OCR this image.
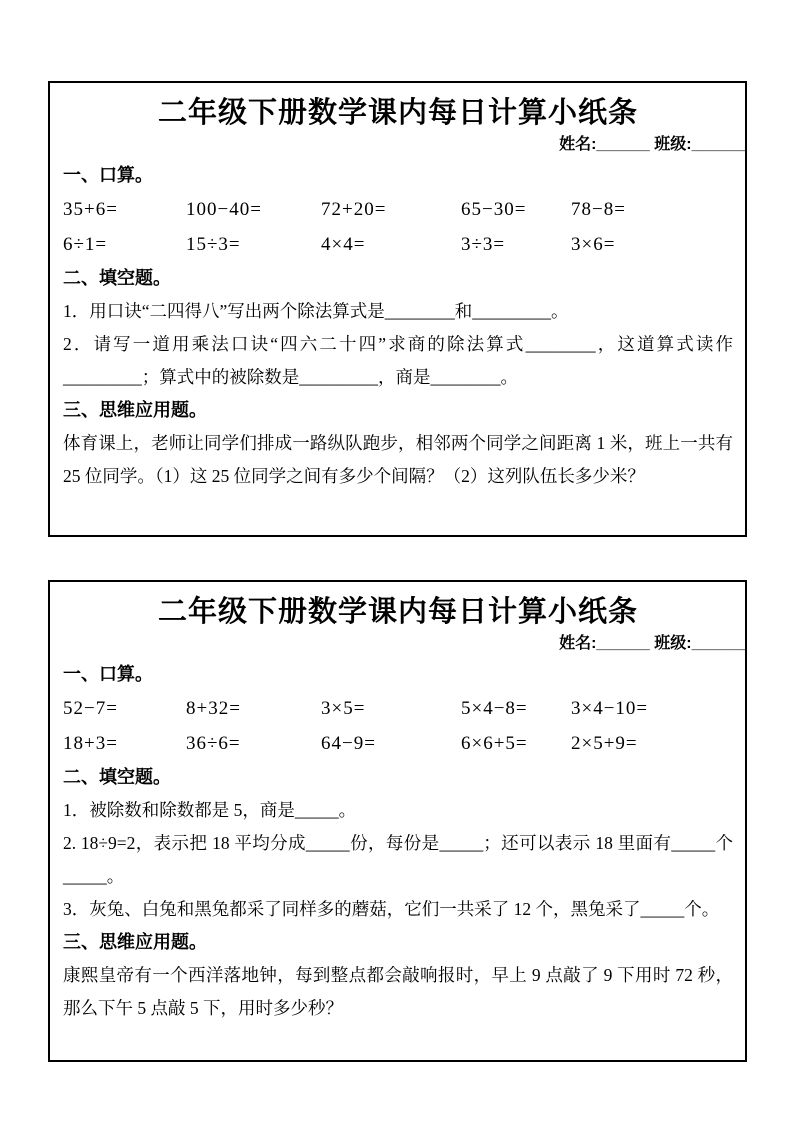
二年级下册数学课内每日计算小纸条
姓名:______ 班级:______

一、口算。

35+6=	100−40=	72+20=	65−30=	78−8=
6÷1=	15÷3=	4×4=	3÷3=	3×6=

二、填空题。

1．用口诀“二四得八”写出两个除法算式是________和_________。

2．请写一道用乘法口诀“四六二十四”求商的除法算式________，这道算式读作_________；算式中的被除数是_________，商是________。

三、思维应用题。

体育课上，老师让同学们排成一路纵队跑步，相邻两个同学之间距离 1 米，班上一共有 25 位同学。（1）这 25 位同学之间有多少个间隔？（2）这列队伍长多少米？

二年级下册数学课内每日计算小纸条
姓名:______ 班级:______

一、口算。

52−7=	8+32=	3×5=	5×4−8=	3×4−10=
18+3=	36÷6=	64−9=	6×6+5=	2×5+9=

二、填空题。

1．被除数和除数都是 5，商是_____。

2. 18÷9=2，表示把 18 平均分成_____份，每份是_____；还可以表示 18 里面有_____个_____。

3．灰兔、白兔和黑兔都采了同样多的蘑菇，它们一共采了 12 个，黑兔采了_____个。

三、思维应用题。

康熙皇帝有一个西洋落地钟，每到整点都会敲响报时，早上 9 点敲了 9 下用时 72 秒，那么下午 5 点敲 5 下，用时多少秒？
